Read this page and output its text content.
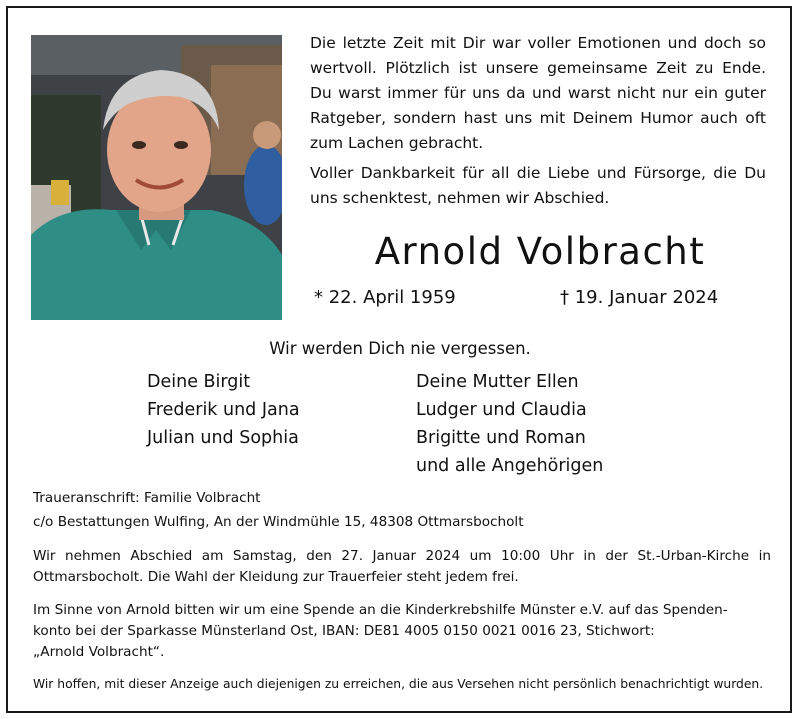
Die letzte Zeit mit Dir war voller Emotionen und doch so wertvoll. Plötzlich ist unsere gemeinsame Zeit zu Ende. Du warst immer für uns da und warst nicht nur ein guter Ratgeber, sondern hast uns mit Deinem Humor auch oft zum Lachen gebracht.

Voller Dankbarkeit für all die Liebe und Fürsorge, die Du uns schenktest, nehmen wir Abschied.

Arnold Volbracht
* 22. April 1959	† 19. Januar 2024
Wir werden Dich nie vergessen.
Deine Birgit
Frederik und Jana
Julian und Sophia
Deine Mutter Ellen
Ludger und Claudia
Brigitte und Roman
und alle Angehörigen
Traueranschrift: Familie Volbracht
c/o Bestattungen Wulfing, An der Windmühle 15, 48308 Ottmarsbocholt

Wir nehmen Abschied am Samstag, den 27. Januar 2024 um 10:00 Uhr in der St.-Urban-Kirche in Ottmarsbocholt. Die Wahl der Kleidung zur Trauerfeier steht jedem frei.

Im Sinne von Arnold bitten wir um eine Spende an die Kinderkrebshilfe Münster e.V. auf das Spenden-
konto bei der Sparkasse Münsterland Ost, IBAN: DE81 4005 0150 0021 0016 23, Stichwort:
„Arnold Volbracht“.
Wir hoffen, mit dieser Anzeige auch diejenigen zu erreichen, die aus Versehen nicht persönlich benachrichtigt wurden.
